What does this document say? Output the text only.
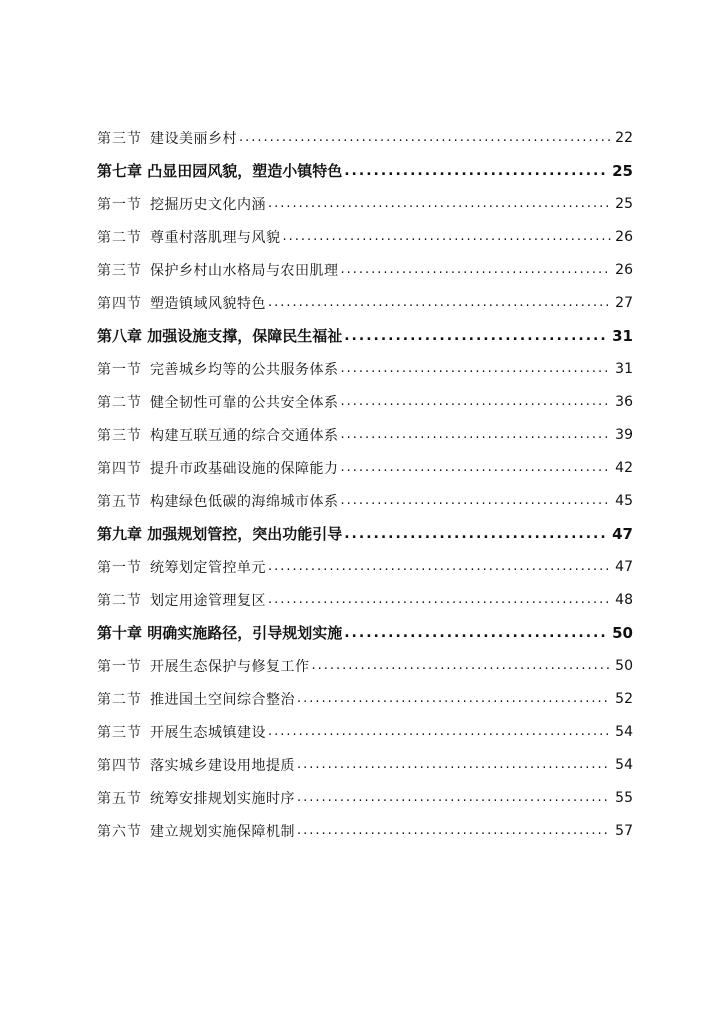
第三节 建设美丽乡村 .....	22
第七章 凸显田园风貌，塑造小镇特色 .....	25
第一节 挖掘历史文化内涵 .....	25
第二节 尊重村落肌理与风貌 .....	26
第三节 保护乡村山水格局与农田肌理 .....	26
第四节 塑造镇域风貌特色 .....	27
第八章 加强设施支撑，保障民生福祉 .....	31
第一节 完善城乡均等的公共服务体系 .....	31
第二节 健全韧性可靠的公共安全体系 .....	36
第三节 构建互联互通的综合交通体系 .....	39
第四节 提升市政基础设施的保障能力 .....	42
第五节 构建绿色低碳的海绵城市体系 .....	45
第九章 加强规划管控，突出功能引导 .....	47
第一节 统筹划定管控单元 .....	47
第二节 划定用途管理复区 .....	48
第十章 明确实施路径，引导规划实施 .....	50
第一节 开展生态保护与修复工作 .....	50
第二节 推进国土空间综合整治 .....	52
第三节 开展生态城镇建设 .....	54
第四节 落实城乡建设用地提质 .....	54
第五节 统筹安排规划实施时序 .....	55
第六节 建立规划实施保障机制 .....	57
